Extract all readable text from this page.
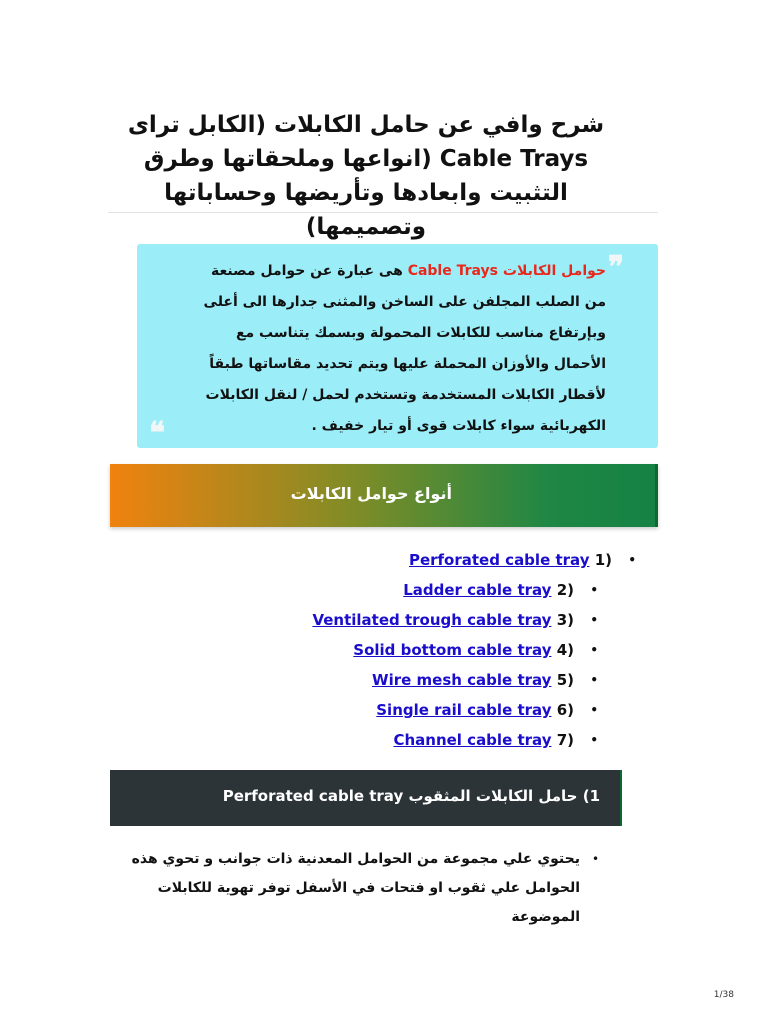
شرح وافي عن حامل الكابلات (الكابل ترای Cable Trays (انواعها وملحقاتها وطرق التثبيت وابعادها وتأريضها وحساباتها وتصميمها)
❞
حوامل الكابلات Cable Trays هی عبارة عن حوامل مصنعة من الصلب المجلفن على الساخن والمثنى جدارها الى أعلى وبإرتفاع مناسب للكابلات المحمولة وبسمك يتناسب مع الأحمال والأوزان المحملة عليها ويتم تحديد مقاساتها طبقاً لأقطار الكابلات المستخدمة وتستخدم لحمل / لنقل الكابلات الكهربائية سواء كابلات قوى أو تيار خفيف .
❝
أنواع حوامل الكابلات
•
Perforated cable tray 1)
•
Ladder cable tray 2)
•
Ventilated trough cable tray 3)
•
Solid bottom cable tray 4)
•
Wire mesh cable tray 5)
•
Single rail cable tray 6)
•
Channel cable tray 7)
1) حامل الكابلات المثقوب Perforated cable tray
•
يحتوي علي مجموعة من الحوامل المعدنية ذات جوانب و تحوي هذه الحوامل علي ثقوب او فتحات في الأسفل توفر تهوية للكابلات الموضوعة
1/38
